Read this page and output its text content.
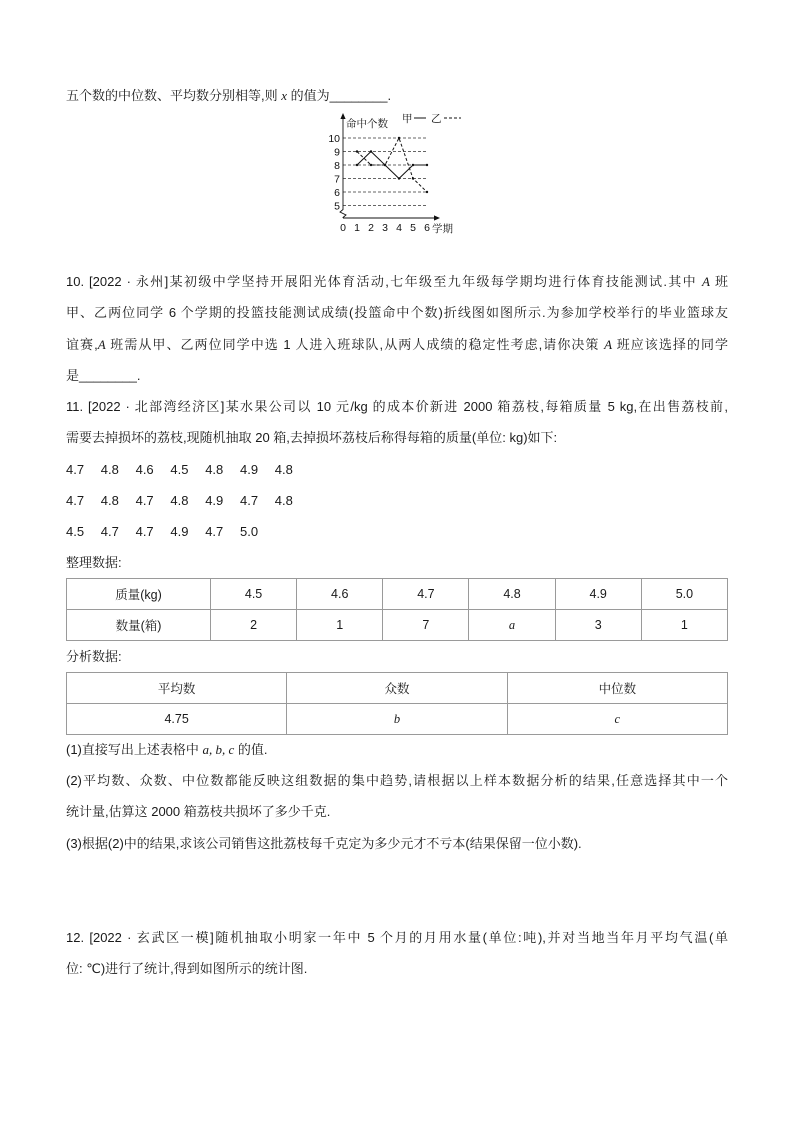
五个数的中位数、平均数分别相等,则 x 的值为________.
5
6
7
8
9
10
0 1 2 3 4 5 6
命中个数
学期
甲 乙
10. [2022 · 永州]某初级中学坚持开展阳光体育活动,七年级至九年级每学期均进行体育技能测试.其中 A 班
甲、乙两位同学 6 个学期的投篮技能测试成绩(投篮命中个数)折线图如图所示.为参加学校举行的毕业篮球友
谊赛,A 班需从甲、乙两位同学中选 1 人进入班球队,从两人成绩的稳定性考虑,请你决策 A 班应该选择的同学
是________.
11. [2022 · 北部湾经济区]某水果公司以 10 元/kg 的成本价新进 2000 箱荔枝,每箱质量 5 kg,在出售荔枝前,
需要去掉损坏的荔枝,现随机抽取 20 箱,去掉损坏荔枝后称得每箱的质量(单位: kg)如下:
4.7 4.8 4.6 4.5 4.8 4.9 4.8
4.7 4.8 4.7 4.8 4.9 4.7 4.8
4.5 4.7 4.7 4.9 4.7 5.0
整理数据:
质量(kg)	4.5	4.6	4.7	4.8	4.9	5.0
数量(箱)	2	1	7	a	3	1
分析数据:
平均数	众数	中位数
4.75	b	c
(1)直接写出上述表格中 a, b, c 的值.
(2)平均数、众数、中位数都能反映这组数据的集中趋势,请根据以上样本数据分析的结果,任意选择其中一个
统计量,估算这 2000 箱荔枝共损坏了多少千克.
(3)根据(2)中的结果,求该公司销售这批荔枝每千克定为多少元才不亏本(结果保留一位小数).
12. [2022 · 玄武区一模]随机抽取小明家一年中 5 个月的月用水量(单位:吨),并对当地当年月平均气温(单
位: ℃)进行了统计,得到如图所示的统计图.
